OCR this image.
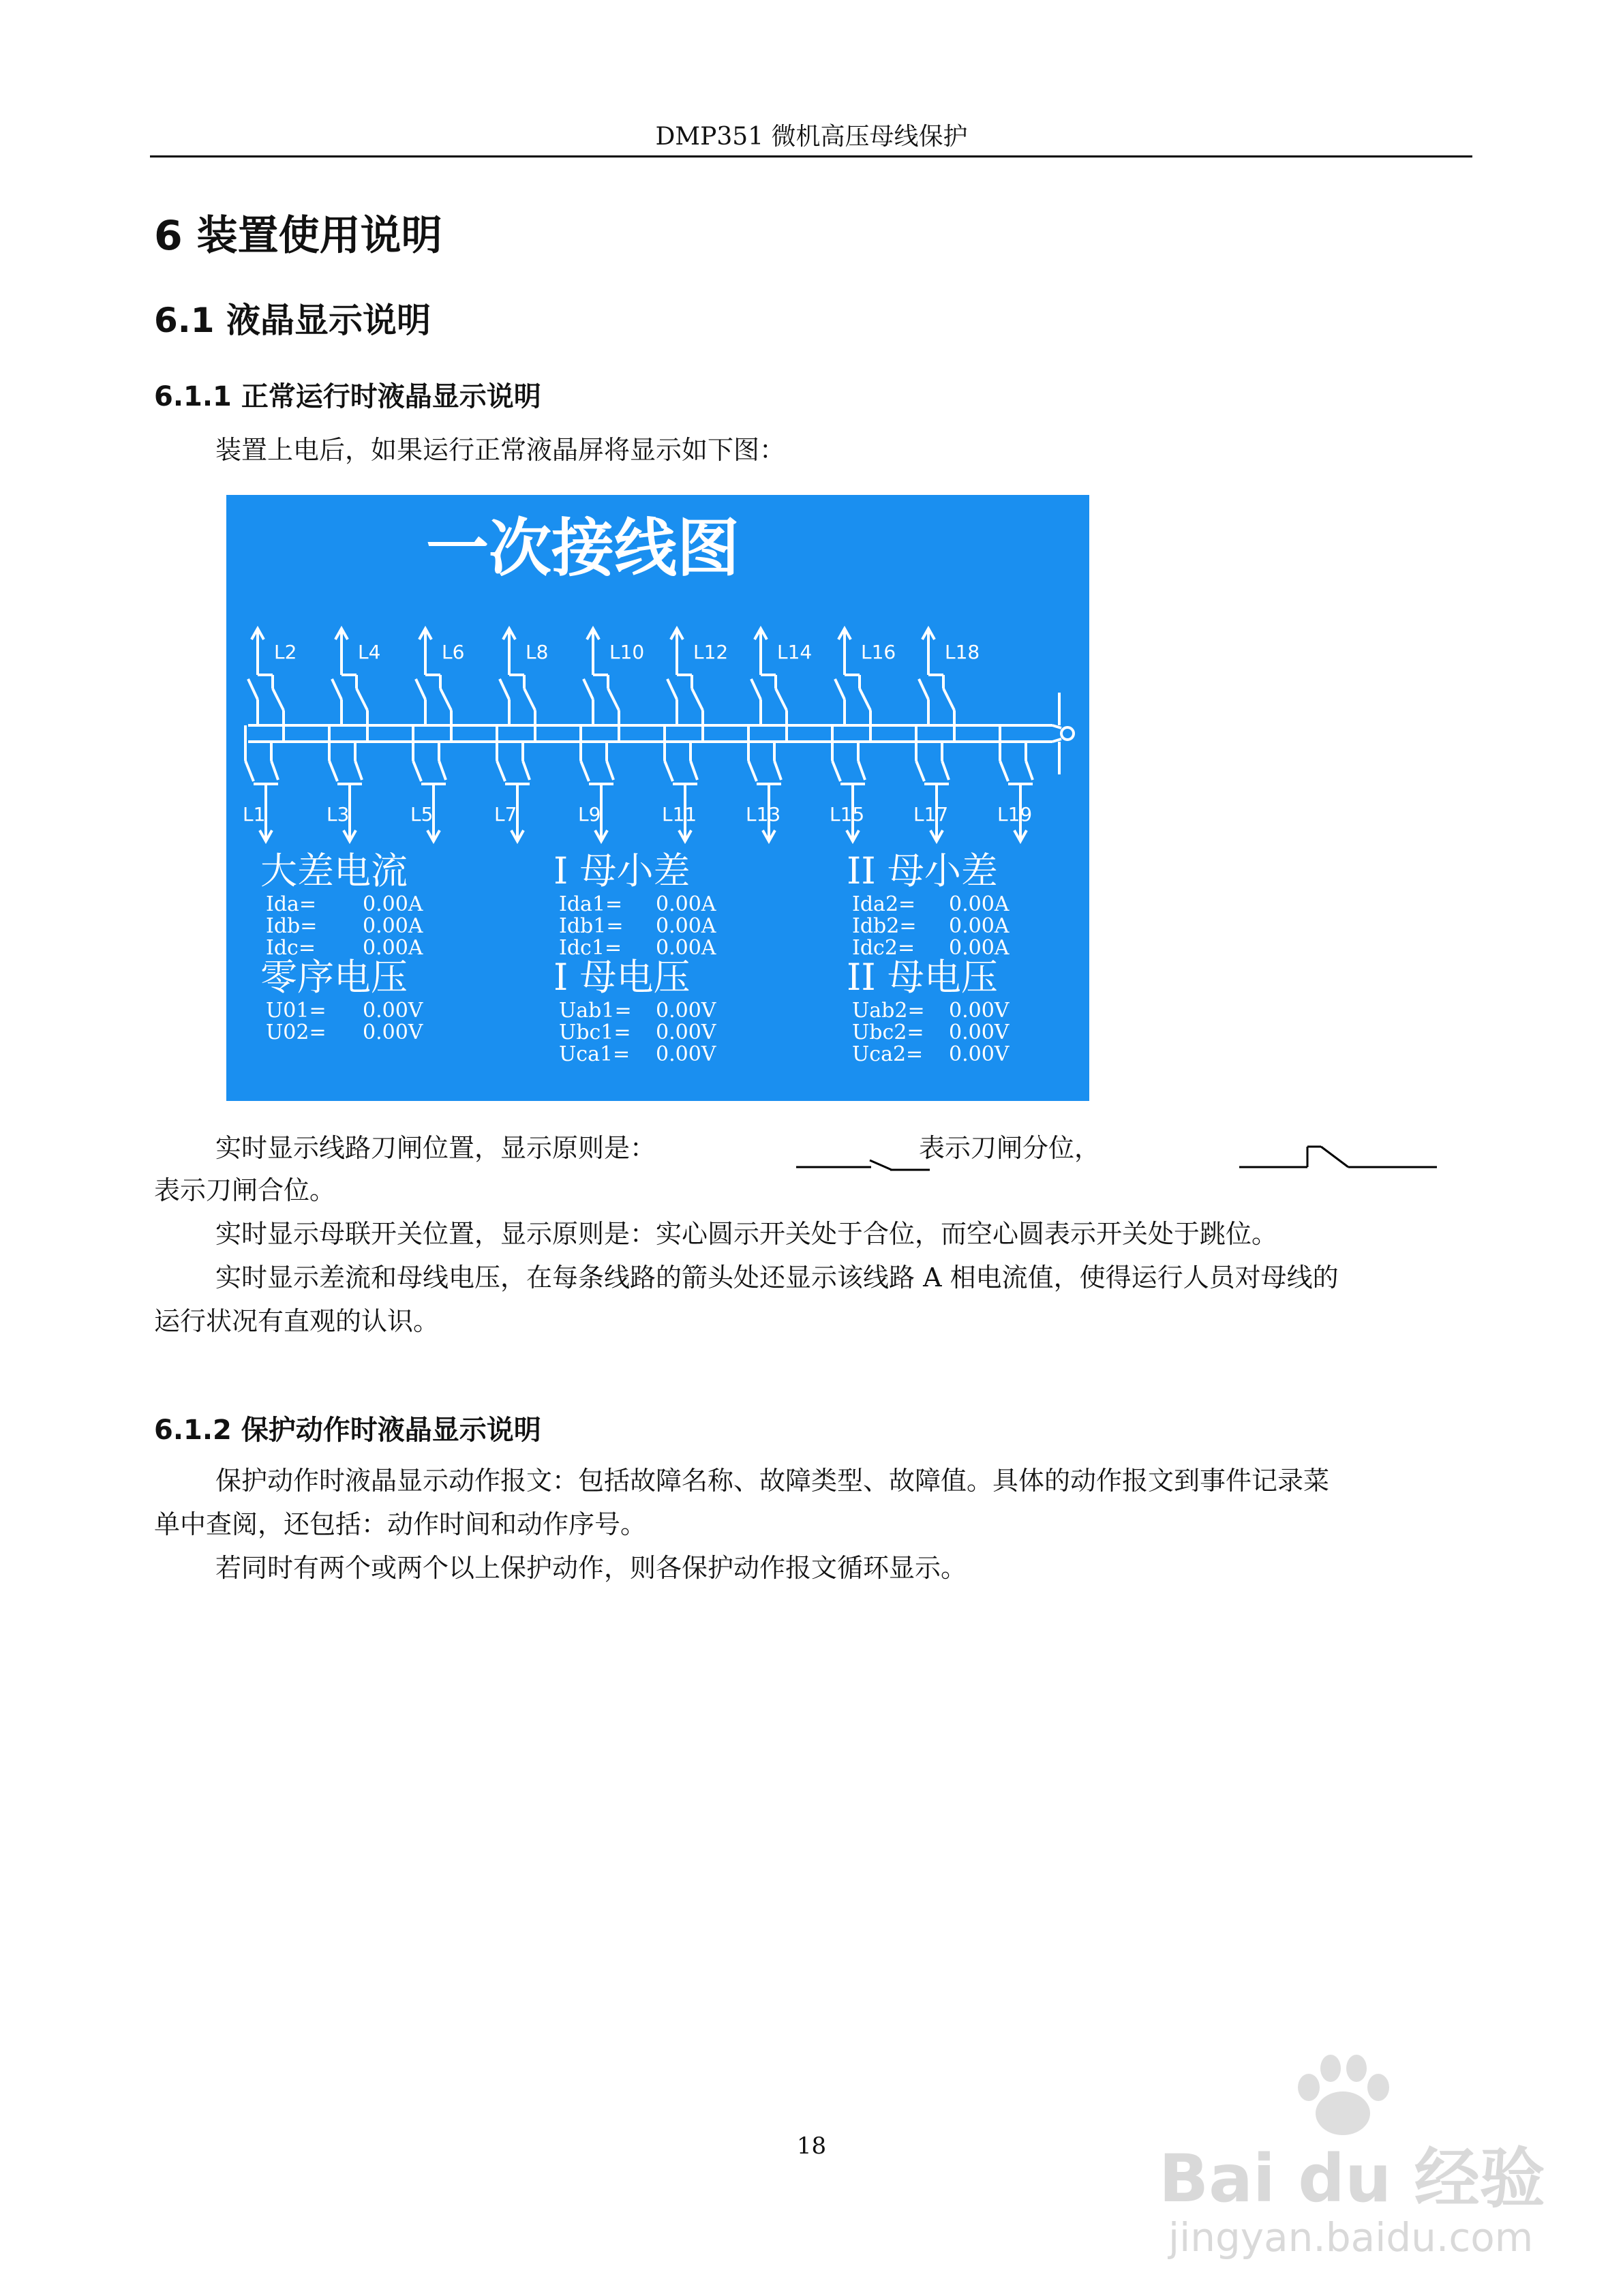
DMP351 微机高压母线保护
6 装置使用说明
6.1 液晶显示说明
6.1.1 正常运行时液晶显示说明
装置上电后，如果运行正常液晶屏将显示如下图：
一次接线图
L1	L3	L5	L7	L9	L11	L13	L15	L17	L19
L2	L4	L6	L8	L10	L12	L14	L16	L18
大差电流
Ida= 0.00A
Idb= 0.00A
Idc= 0.00A
I 母小差
Ida1= 0.00A
Idb1= 0.00A
Idc1= 0.00A
II 母小差
Ida2= 0.00A
Idb2= 0.00A
Idc2= 0.00A
零序电压
U01= 0.00V
U02= 0.00V
I 母电压
Uab1= 0.00V
Ubc1= 0.00V
Uca1= 0.00V
II 母电压
Uab2= 0.00V
Ubc2= 0.00V
Uca2= 0.00V
实时显示线路刀闸位置，显示原则是：	表示刀闸分位，
表示刀闸合位。
实时显示母联开关位置，显示原则是：实心圆示开关处于合位，而空心圆表示开关处于跳位。
实时显示差流和母线电压，在每条线路的箭头处还显示该线路 A 相电流值，使得运行人员对母线的
运行状况有直观的认识。
6.1.2 保护动作时液晶显示说明
保护动作时液晶显示动作报文：包括故障名称、故障类型、故障值。具体的动作报文到事件记录菜
单中查阅，还包括：动作时间和动作序号。
若同时有两个或两个以上保护动作，则各保护动作报文循环显示。
18	Bai du 经验
jingyan.baidu.com
